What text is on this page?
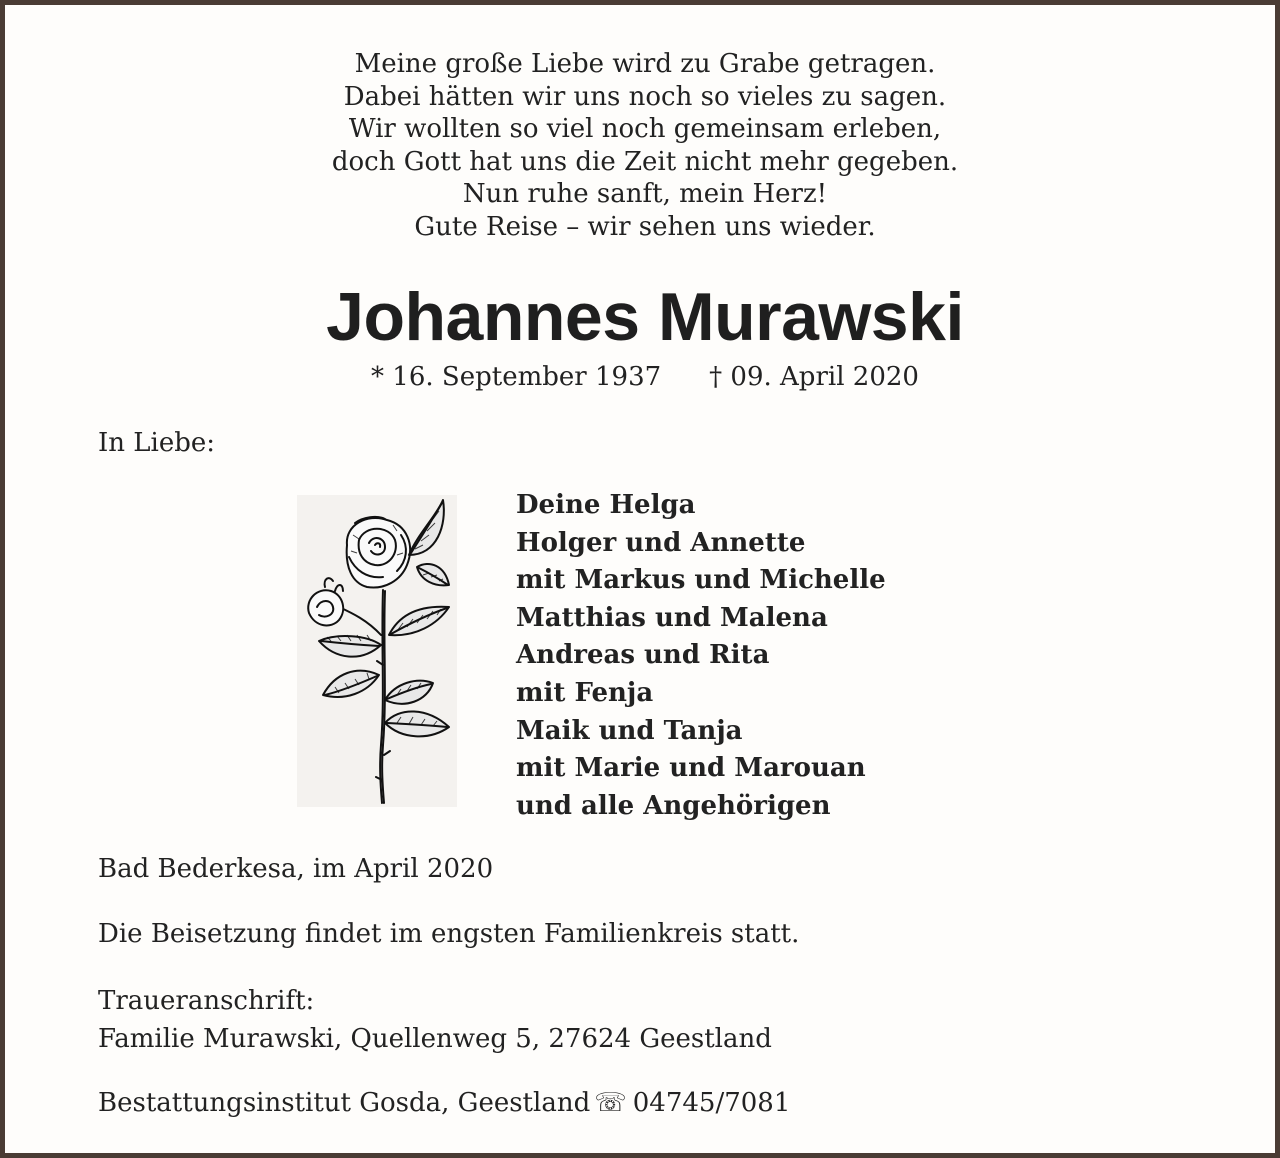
Meine große Liebe wird zu Grabe getragen.
Dabei hätten wir uns noch so vieles zu sagen.
Wir wollten so viel noch gemeinsam erleben,
doch Gott hat uns die Zeit nicht mehr gegeben.
Nun ruhe sanft, mein Herz!
Gute Reise – wir sehen uns wieder.
Johannes Murawski
* 16. September 1937 † 09. April 2020
In Liebe:
Deine Helga
Holger und Annette
mit Markus und Michelle
Matthias und Malena
Andreas und Rita
mit Fenja
Maik und Tanja
mit Marie und Marouan
und alle Angehörigen
Bad Bederkesa, im April 2020
Die Beisetzung findet im engsten Familienkreis statt.
Traueranschrift:
Familie Murawski, Quellenweg 5, 27624 Geestland
Bestattungsinstitut Gosda, Geestland ☏ 04745/7081
